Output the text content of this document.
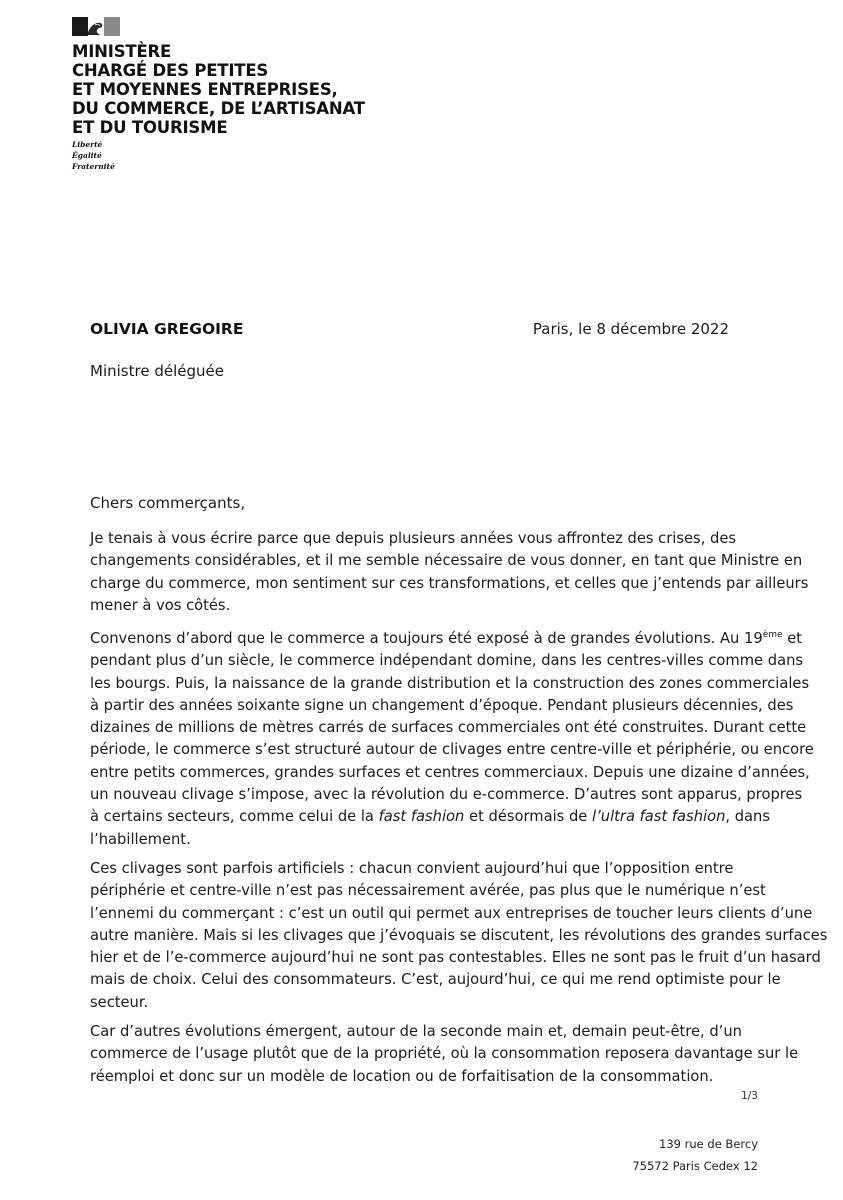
MINISTÈRE
CHARGÉ DES PETITES
ET MOYENNES ENTREPRISES,
DU COMMERCE, DE L’ARTISANAT
ET DU TOURISME
Liberté
Égalité
Fraternité
OLIVIA GREGOIRE
Ministre déléguée
Paris, le 8 décembre 2022
Chers commerçants,

Je tenais à vous écrire parce que depuis plusieurs années vous affrontez des crises, des
changements considérables, et il me semble nécessaire de vous donner, en tant que Ministre en
charge du commerce, mon sentiment sur ces transformations, et celles que j’entends par ailleurs
mener à vos côtés.

Convenons d’abord que le commerce a toujours été exposé à de grandes évolutions. Au 19ème et
pendant plus d’un siècle, le commerce indépendant domine, dans les centres-villes comme dans
les bourgs. Puis, la naissance de la grande distribution et la construction des zones commerciales
à partir des années soixante signe un changement d’époque. Pendant plusieurs décennies, des
dizaines de millions de mètres carrés de surfaces commerciales ont été construites. Durant cette
période, le commerce s’est structuré autour de clivages entre centre-ville et périphérie, ou encore
entre petits commerces, grandes surfaces et centres commerciaux. Depuis une dizaine d’années,
un nouveau clivage s’impose, avec la révolution du e-commerce. D’autres sont apparus, propres
à certains secteurs, comme celui de la fast fashion et désormais de l’ultra fast fashion, dans
l’habillement.

Ces clivages sont parfois artificiels : chacun convient aujourd’hui que l’opposition entre
périphérie et centre-ville n’est pas nécessairement avérée, pas plus que le numérique n’est
l’ennemi du commerçant : c’est un outil qui permet aux entreprises de toucher leurs clients d’une
autre manière. Mais si les clivages que j’évoquais se discutent, les révolutions des grandes surfaces
hier et de l’e-commerce aujourd’hui ne sont pas contestables. Elles ne sont pas le fruit d’un hasard
mais de choix. Celui des consommateurs. C’est, aujourd’hui, ce qui me rend optimiste pour le
secteur.

Car d’autres évolutions émergent, autour de la seconde main et, demain peut-être, d’un
commerce de l’usage plutôt que de la propriété, où la consommation reposera davantage sur le
réemploi et donc sur un modèle de location ou de forfaitisation de la consommation.

1/3
139 rue de Bercy
75572 Paris Cedex 12
